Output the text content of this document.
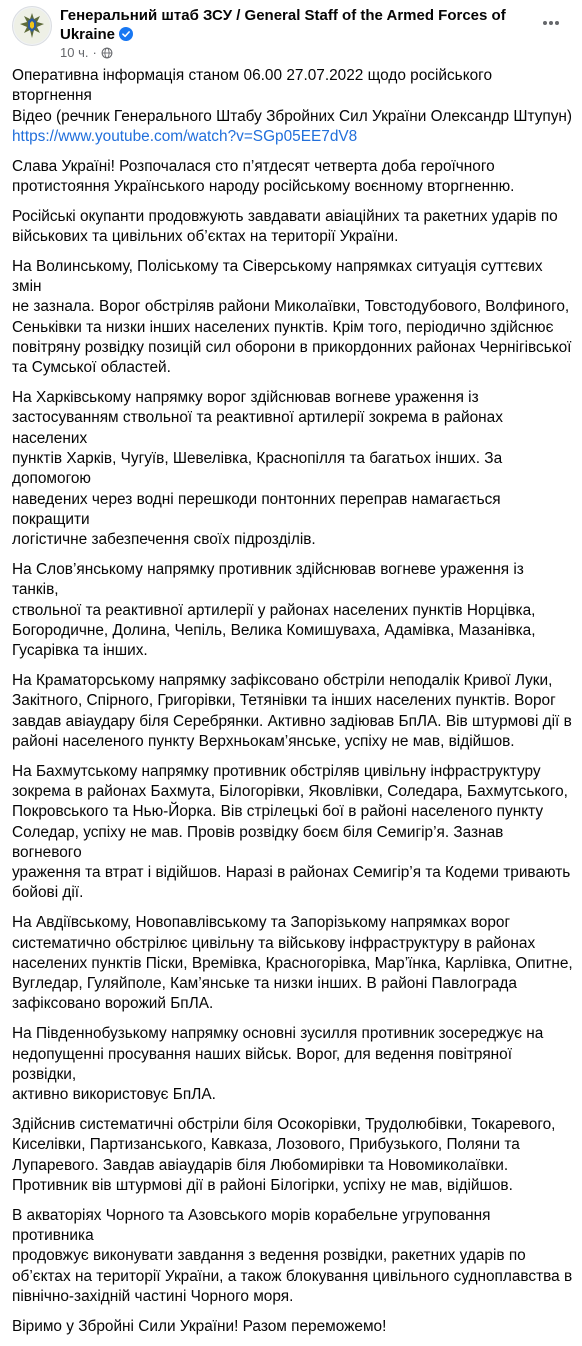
Генеральний штаб ЗСУ / General Staff of the Armed Forces of Ukraine
10 ч. ·

Оперативна інформація станом 06.00 27.07.2022 щодо російського вторгнення
Відео (речник Генерального Штабу Збройних Сил України Олександр Штупун)
https://www.youtube.com/watch?v=SGp05EE7dV8

Слава Україні! Розпочалася сто п’ятдесят четверта доба героїчного
протистояння Українського народу російському воєнному вторгненню.

Російські окупанти продовжують завдавати авіаційних та ракетних ударів по
військових та цивільних об’єктах на території України.

На Волинському, Поліському та Сіверському напрямках ситуація суттєвих змін
не зазнала. Ворог обстріляв райони Миколаївки, Товстодубового, Волфиного,
Сеньківки та низки інших населених пунктів. Крім того, періодично здійснює
повітряну розвідку позицій сил оборони в прикордонних районах Чернігівської
та Сумської областей.

На Харківському напрямку ворог здійснював вогневе ураження із
застосуванням ствольної та реактивної артилерії зокрема в районах населених
пунктів Харків, Чугуїв, Шевелівка, Краснопілля та багатьох інших. За допомогою
наведених через водні перешкоди понтонних переправ намагається покращити
логістичне забезпечення своїх підрозділів.

На Слов’янському напрямку противник здійснював вогневе ураження із танків,
ствольної та реактивної артилерії у районах населених пунктів Норцівка,
Богородичне, Долина, Чепіль, Велика Комишуваха, Адамівка, Мазанівка,
Гусарівка та інших.

На Краматорському напрямку зафіксовано обстріли неподалік Кривої Луки,
Закітного, Спірного, Григорівки, Тетянівки та інших населених пунктів. Ворог
завдав авіаудару біля Серебрянки. Активно задіював БпЛА. Вів штурмові дії в
районі населеного пункту Верхньокам’янське, успіху не мав, відійшов.

На Бахмутському напрямку противник обстріляв цивільну інфраструктуру
зокрема в районах Бахмута, Білогорівки, Яковлівки, Соледара, Бахмутського,
Покровського та Нью-Йорка. Вів стрілецькі бої в районі населеного пункту
Соледар, успіху не мав. Провів розвідку боєм біля Семигір’я. Зазнав вогневого
ураження та втрат і відійшов. Наразі в районах Семигір’я та Кодеми тривають
бойові дії.

На Авдіївському, Новопавлівському та Запорізькому напрямках ворог
систематично обстрілює цивільну та військову інфраструктуру в районах
населених пунктів Піски, Времівка, Красногорівка, Мар’їнка, Карлівка, Опитне,
Вугледар, Гуляйполе, Кам’янське та низки інших. В районі Павлограда
зафіксовано ворожий БпЛА.

На Південнобузькому напрямку основні зусилля противник зосереджує на
недопущенні просування наших військ. Ворог, для ведення повітряної розвідки,
активно використовує БпЛА.

Здійснив систематичні обстріли біля Осокорівки, Трудолюбівки, Токаревого,
Киселівки, Партизанського, Кавказа, Лозового, Прибузького, Поляни та
Лупаревого. Завдав авіаударів біля Любомирівки та Новомиколаївки.
Противник вів штурмові дії в районі Білогірки, успіху не мав, відійшов.

В акваторіях Чорного та Азовського морів корабельне угруповання противника
продовжує виконувати завдання з ведення розвідки, ракетних ударів по
об’єктах на території України, а також блокування цивільного судноплавства в
північно-західній частині Чорного моря.

Віримо у Збройні Сили України! Разом переможемо!
